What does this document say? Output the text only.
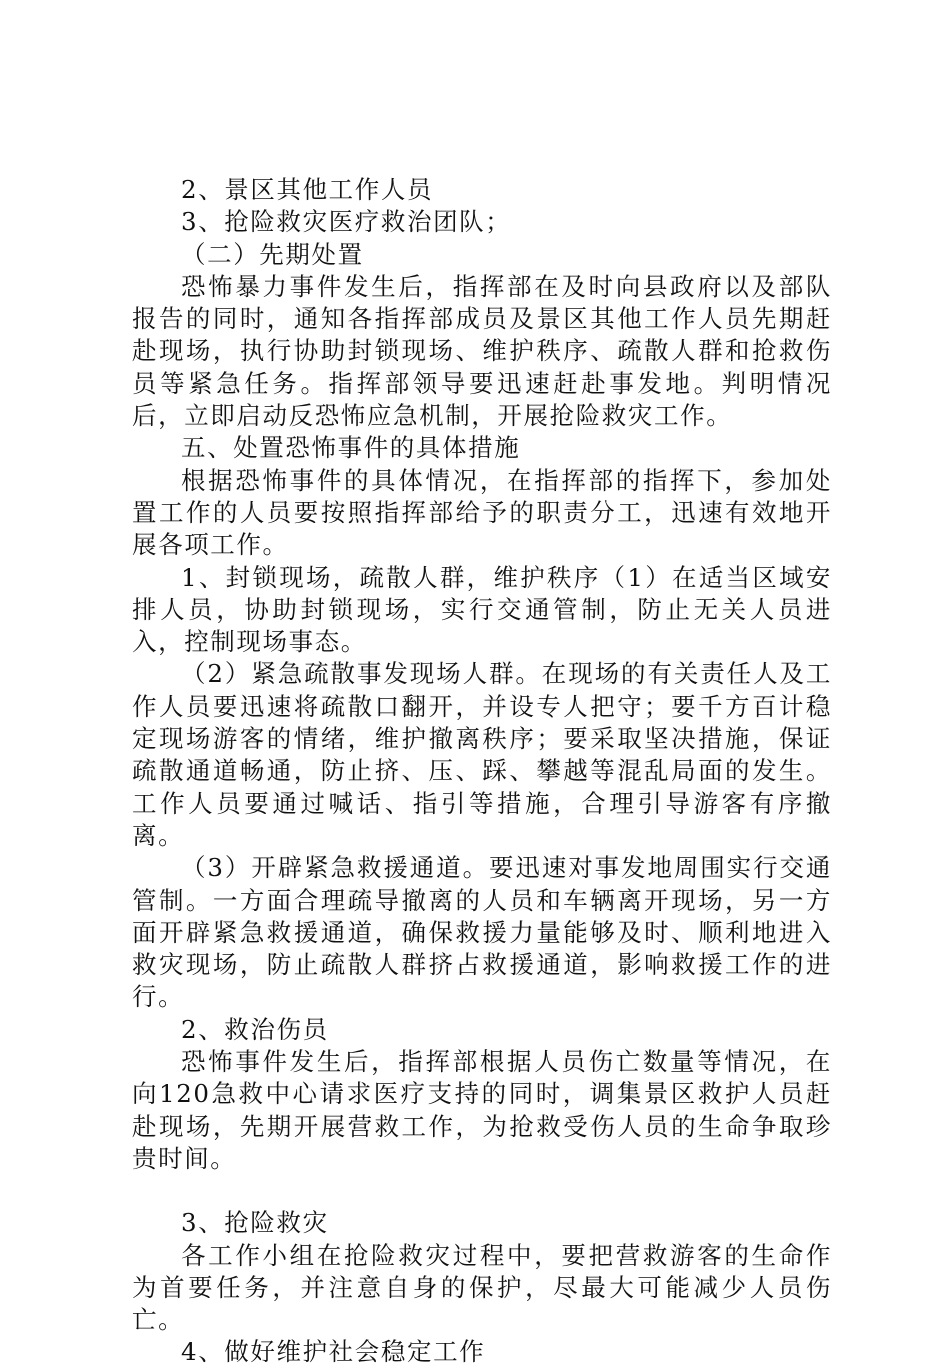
2、景区其他工作人员

3、抢险救灾医疗救治团队；

（二）先期处置

恐怖暴力事件发生后，指挥部在及时向县政府以及部队报告的同时，通知各指挥部成员及景区其他工作人员先期赶赴现场，执行协助封锁现场、维护秩序、疏散人群和抢救伤员等紧急任务。指挥部领导要迅速赶赴事发地。判明情况后，立即启动反恐怖应急机制，开展抢险救灾工作。

五、处置恐怖事件的具体措施

根据恐怖事件的具体情况，在指挥部的指挥下，参加处置工作的人员要按照指挥部给予的职责分工，迅速有效地开展各项工作。

1、封锁现场，疏散人群，维护秩序（1）在适当区域安排人员，协助封锁现场，实行交通管制，防止无关人员进入，控制现场事态。

（2）紧急疏散事发现场人群。在现场的有关责任人及工作人员要迅速将疏散口翻开，并设专人把守；要千方百计稳定现场游客的情绪，维护撤离秩序；要采取坚决措施，保证疏散通道畅通，防止挤、压、踩、攀越等混乱局面的发生。工作人员要通过喊话、指引等措施，合理引导游客有序撤离。

（3）开辟紧急救援通道。要迅速对事发地周围实行交通管制。一方面合理疏导撤离的人员和车辆离开现场，另一方面开辟紧急救援通道，确保救援力量能够及时、顺利地进入救灾现场，防止疏散人群挤占救援通道，影响救援工作的进行。

2、救治伤员

恐怖事件发生后，指挥部根据人员伤亡数量等情况，在向120急救中心请求医疗支持的同时，调集景区救护人员赶赴现场，先期开展营救工作，为抢救受伤人员的生命争取珍贵时间。

3、抢险救灾

各工作小组在抢险救灾过程中，要把营救游客的生命作为首要任务，并注意自身的保护，尽最大可能减少人员伤亡。

4、做好维护社会稳定工作
